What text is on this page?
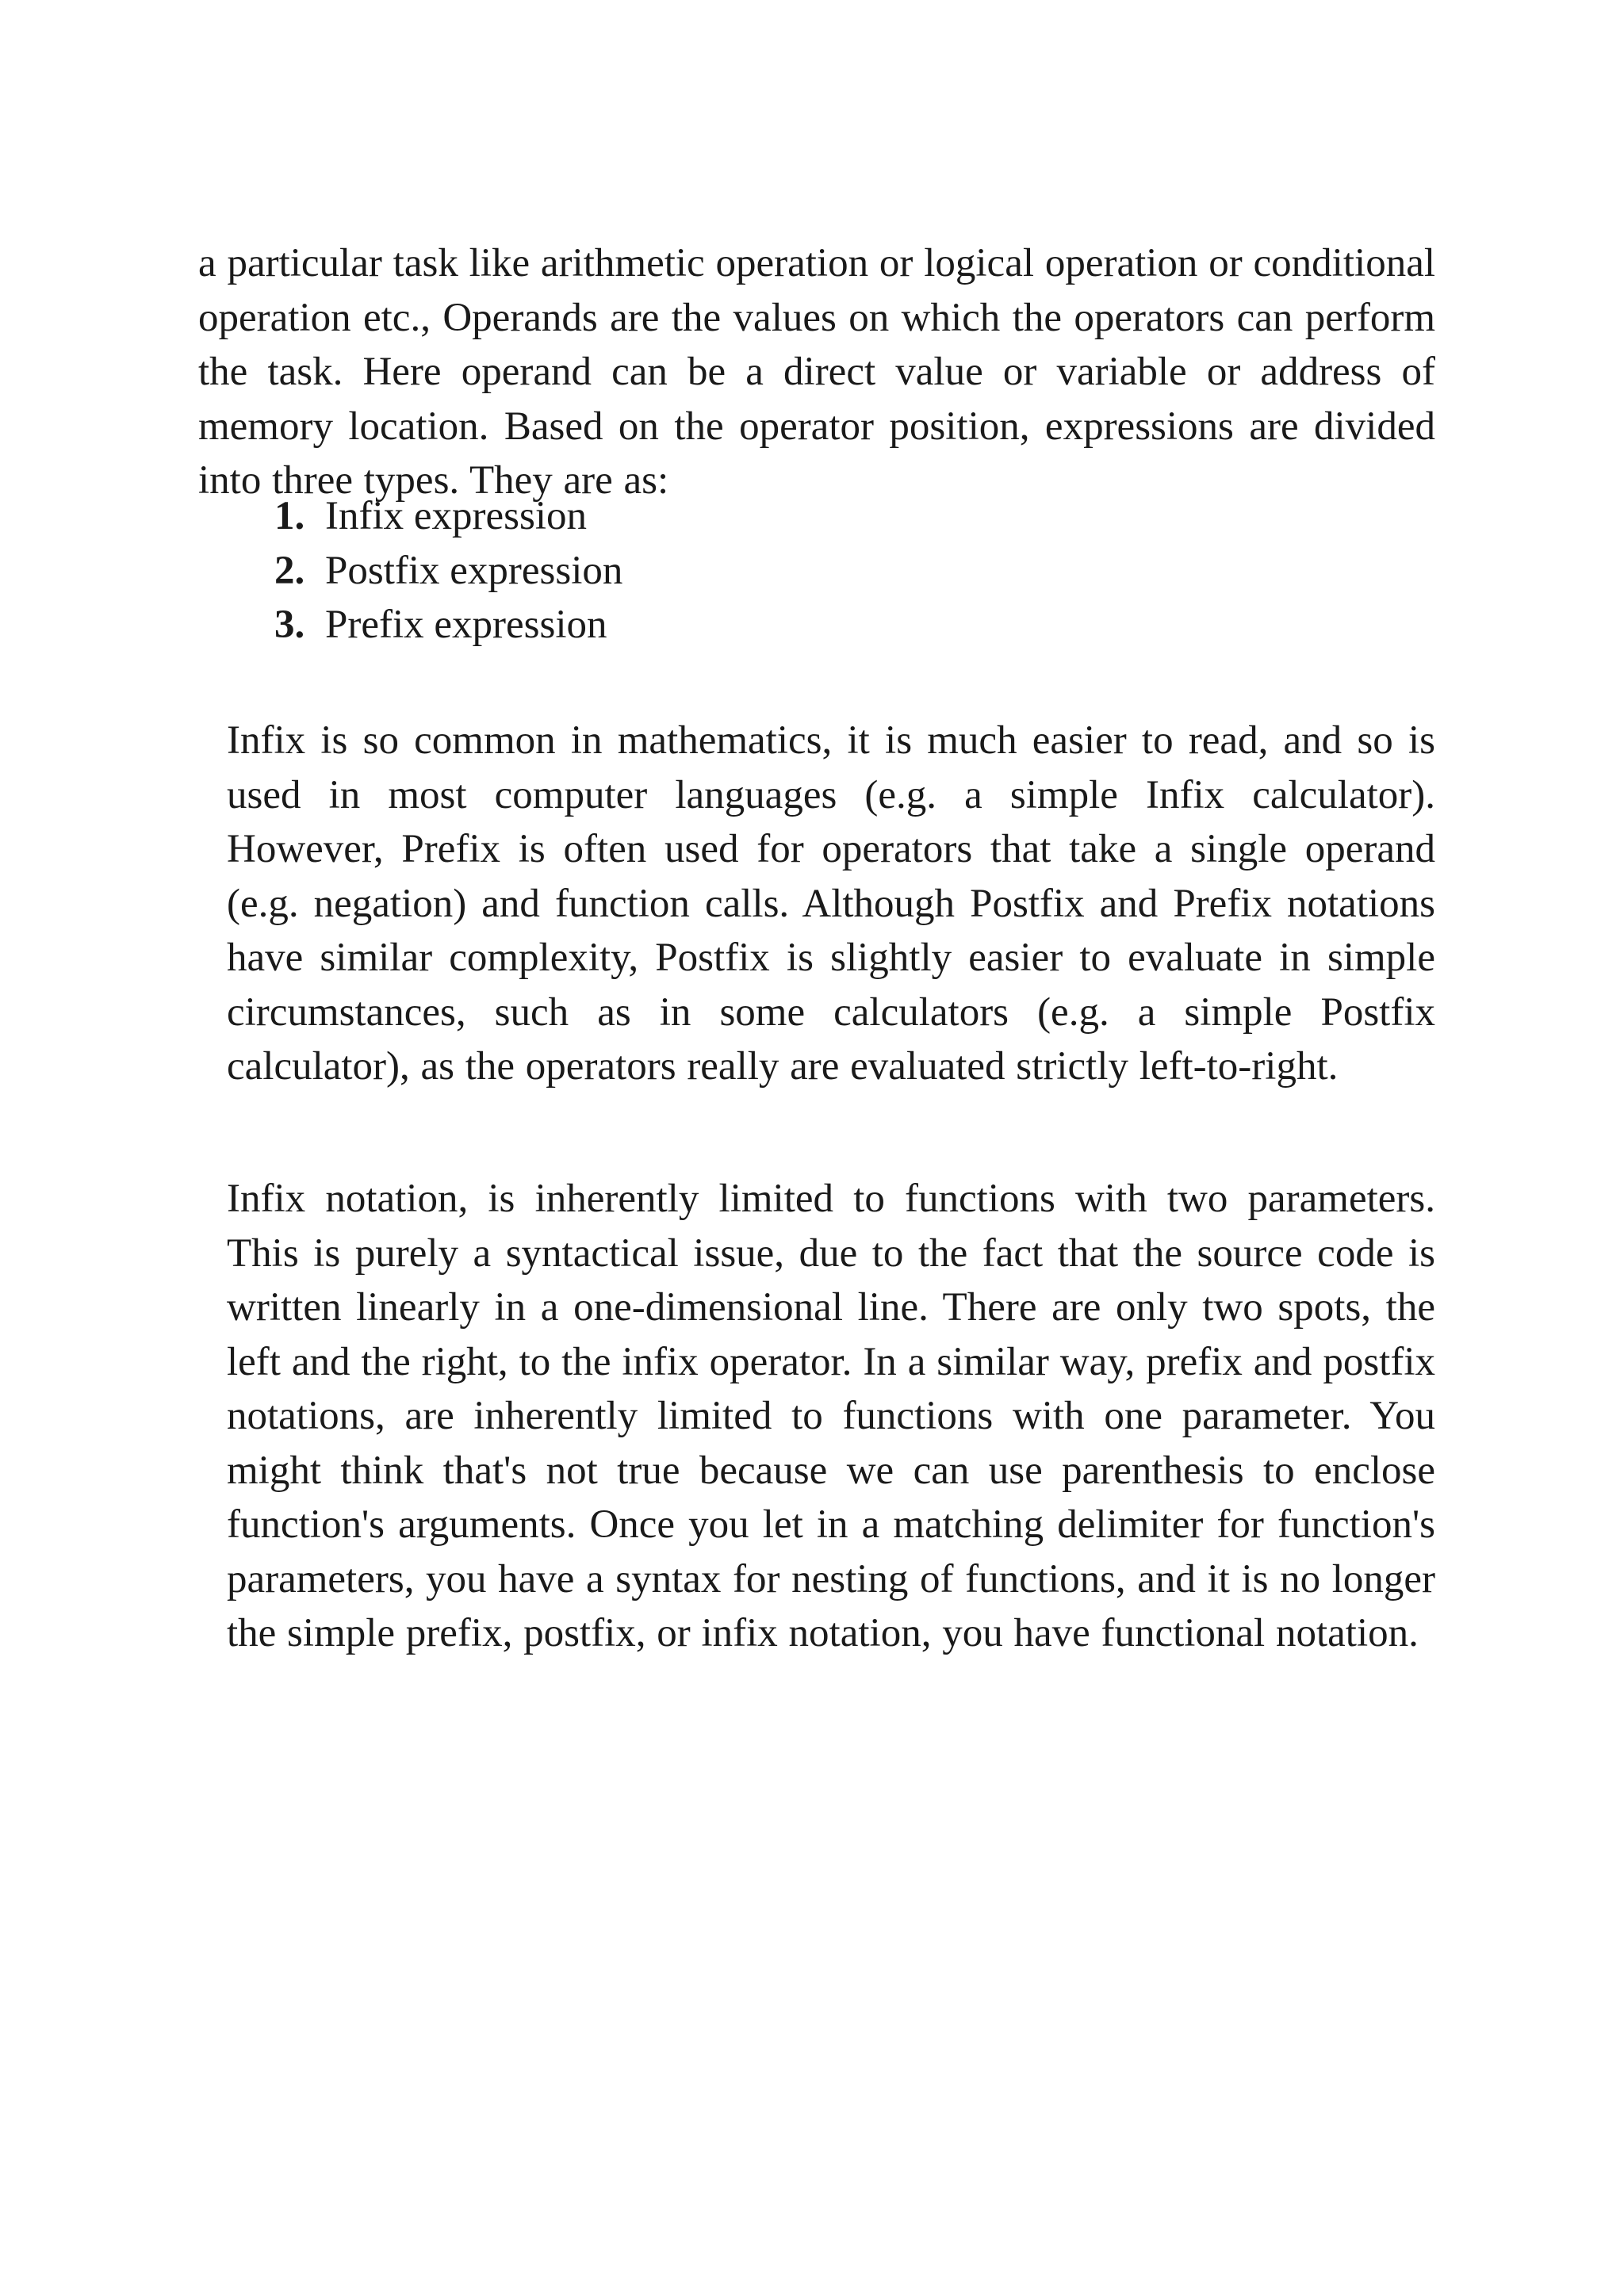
a particular task like arithmetic operation or logical operation or conditional operation etc., Operands are the values on which the operators can perform the task. Here operand can be a direct value or variable or address of memory location. Based on the operator position, expressions are divided into three types. They are as:

1. Infix expression
2. Postfix expression
3. Prefix expression

Infix is so common in mathematics, it is much easier to read, and so is used in most computer languages (e.g. a simple Infix calculator). However, Prefix is often used for operators that take a single operand (e.g. negation) and function calls. Although Postfix and Prefix notations have similar complexity, Postfix is slightly easier to evaluate in simple circumstances, such as in some calculators (e.g. a simple Postfix calculator), as the operators really are evaluated strictly left-to-right.

Infix notation, is inherently limited to functions with two parameters. This is purely a syntactical issue, due to the fact that the source code is written linearly in a one-dimensional line. There are only two spots, the left and the right, to the infix operator. In a similar way, prefix and postfix notations, are inherently limited to functions with one parameter. You might think that's not true because we can use parenthesis to enclose function's arguments. Once you let in a matching delimiter for function's parameters, you have a syntax for nesting of functions, and it is no longer the simple prefix, postfix, or infix notation, you have functional notation.
